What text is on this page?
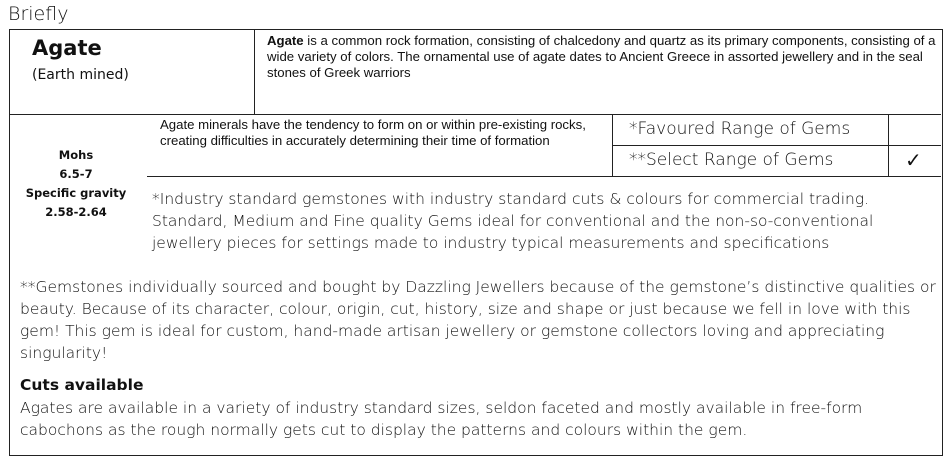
Briefly
Agate
(Earth mined)
Agate is a common rock formation, consisting of chalcedony and quartz as its primary components, consisting of a wide variety of colors. The ornamental use of agate dates to Ancient Greece in assorted jewellery and in the seal stones of Greek warriors
Agate minerals have the tendency to form on or within pre-existing rocks, creating difficulties in accurately determining their time of formation
*Favoured Range of Gems
**Select Range of Gems	✓
Mohs
6.5-7
Specific gravity
2.58-2.64
*Industry standard gemstones with industry standard cuts & colours for commercial trading. Standard, Medium and Fine quality Gems ideal for conventional and the non-so-conventional jewellery pieces for settings made to industry typical measurements and specifications
**Gemstones individually sourced and bought by Dazzling Jewellers because of the gemstone’s distinctive qualities or beauty. Because of its character, colour, origin, cut, history, size and shape or just because we fell in love with this gem! This gem is ideal for custom, hand-made artisan jewellery or gemstone collectors loving and appreciating singularity!
Cuts available
Agates are available in a variety of industry standard sizes, seldon faceted and mostly available in free-form cabochons as the rough normally gets cut to display the patterns and colours within the gem.
